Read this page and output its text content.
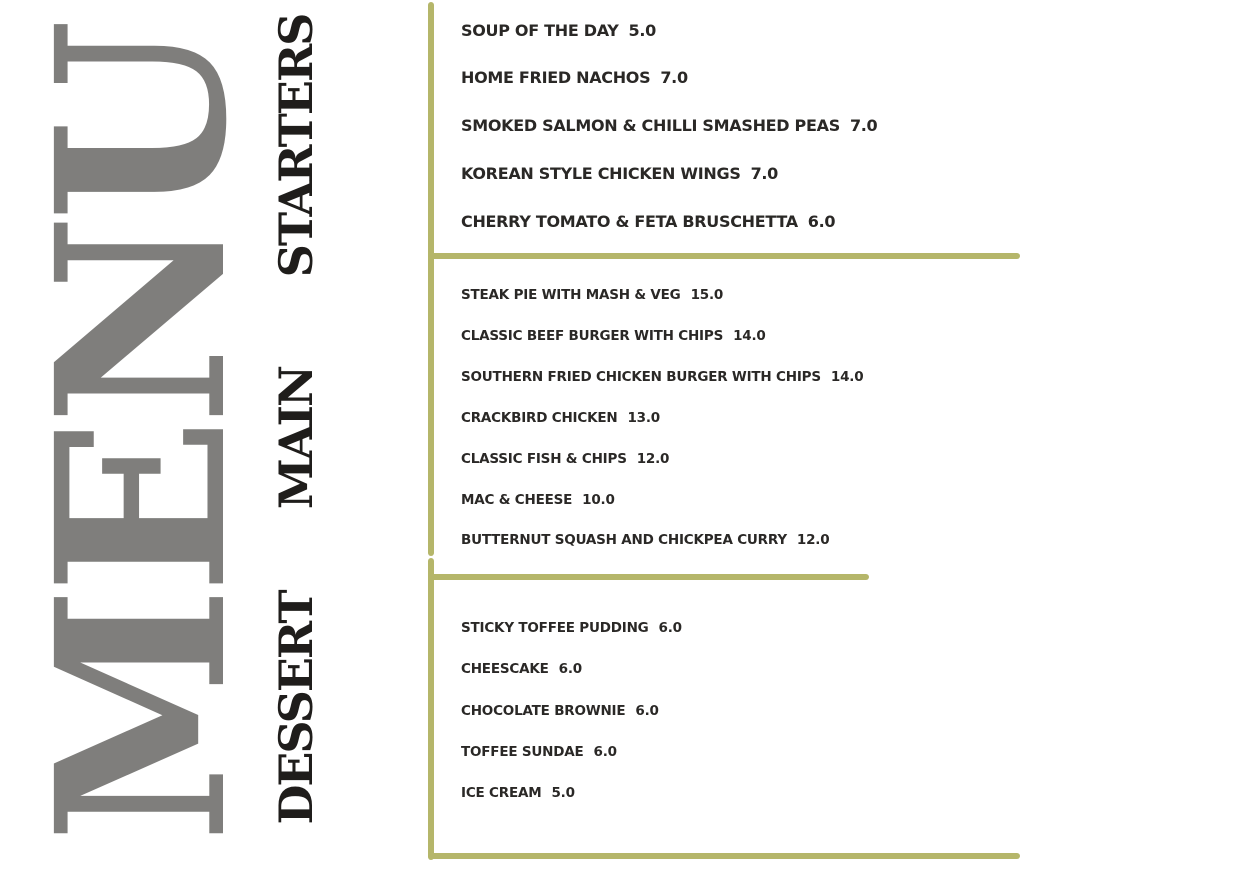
MENU
STARTERS
MAIN
DESSERT
SOUP OF THE DAY 5.0
HOME FRIED NACHOS 7.0
SMOKED SALMON & CHILLI SMASHED PEAS 7.0
KOREAN STYLE CHICKEN WINGS 7.0
CHERRY TOMATO & FETA BRUSCHETTA 6.0
STEAK PIE WITH MASH & VEG 15.0
CLASSIC BEEF BURGER WITH CHIPS 14.0
SOUTHERN FRIED CHICKEN BURGER WITH CHIPS 14.0
CRACKBIRD CHICKEN 13.0
CLASSIC FISH & CHIPS 12.0
MAC & CHEESE 10.0
BUTTERNUT SQUASH AND CHICKPEA CURRY 12.0
STICKY TOFFEE PUDDING 6.0
CHEESCAKE 6.0
CHOCOLATE BROWNIE 6.0
TOFFEE SUNDAE 6.0
ICE CREAM 5.0
